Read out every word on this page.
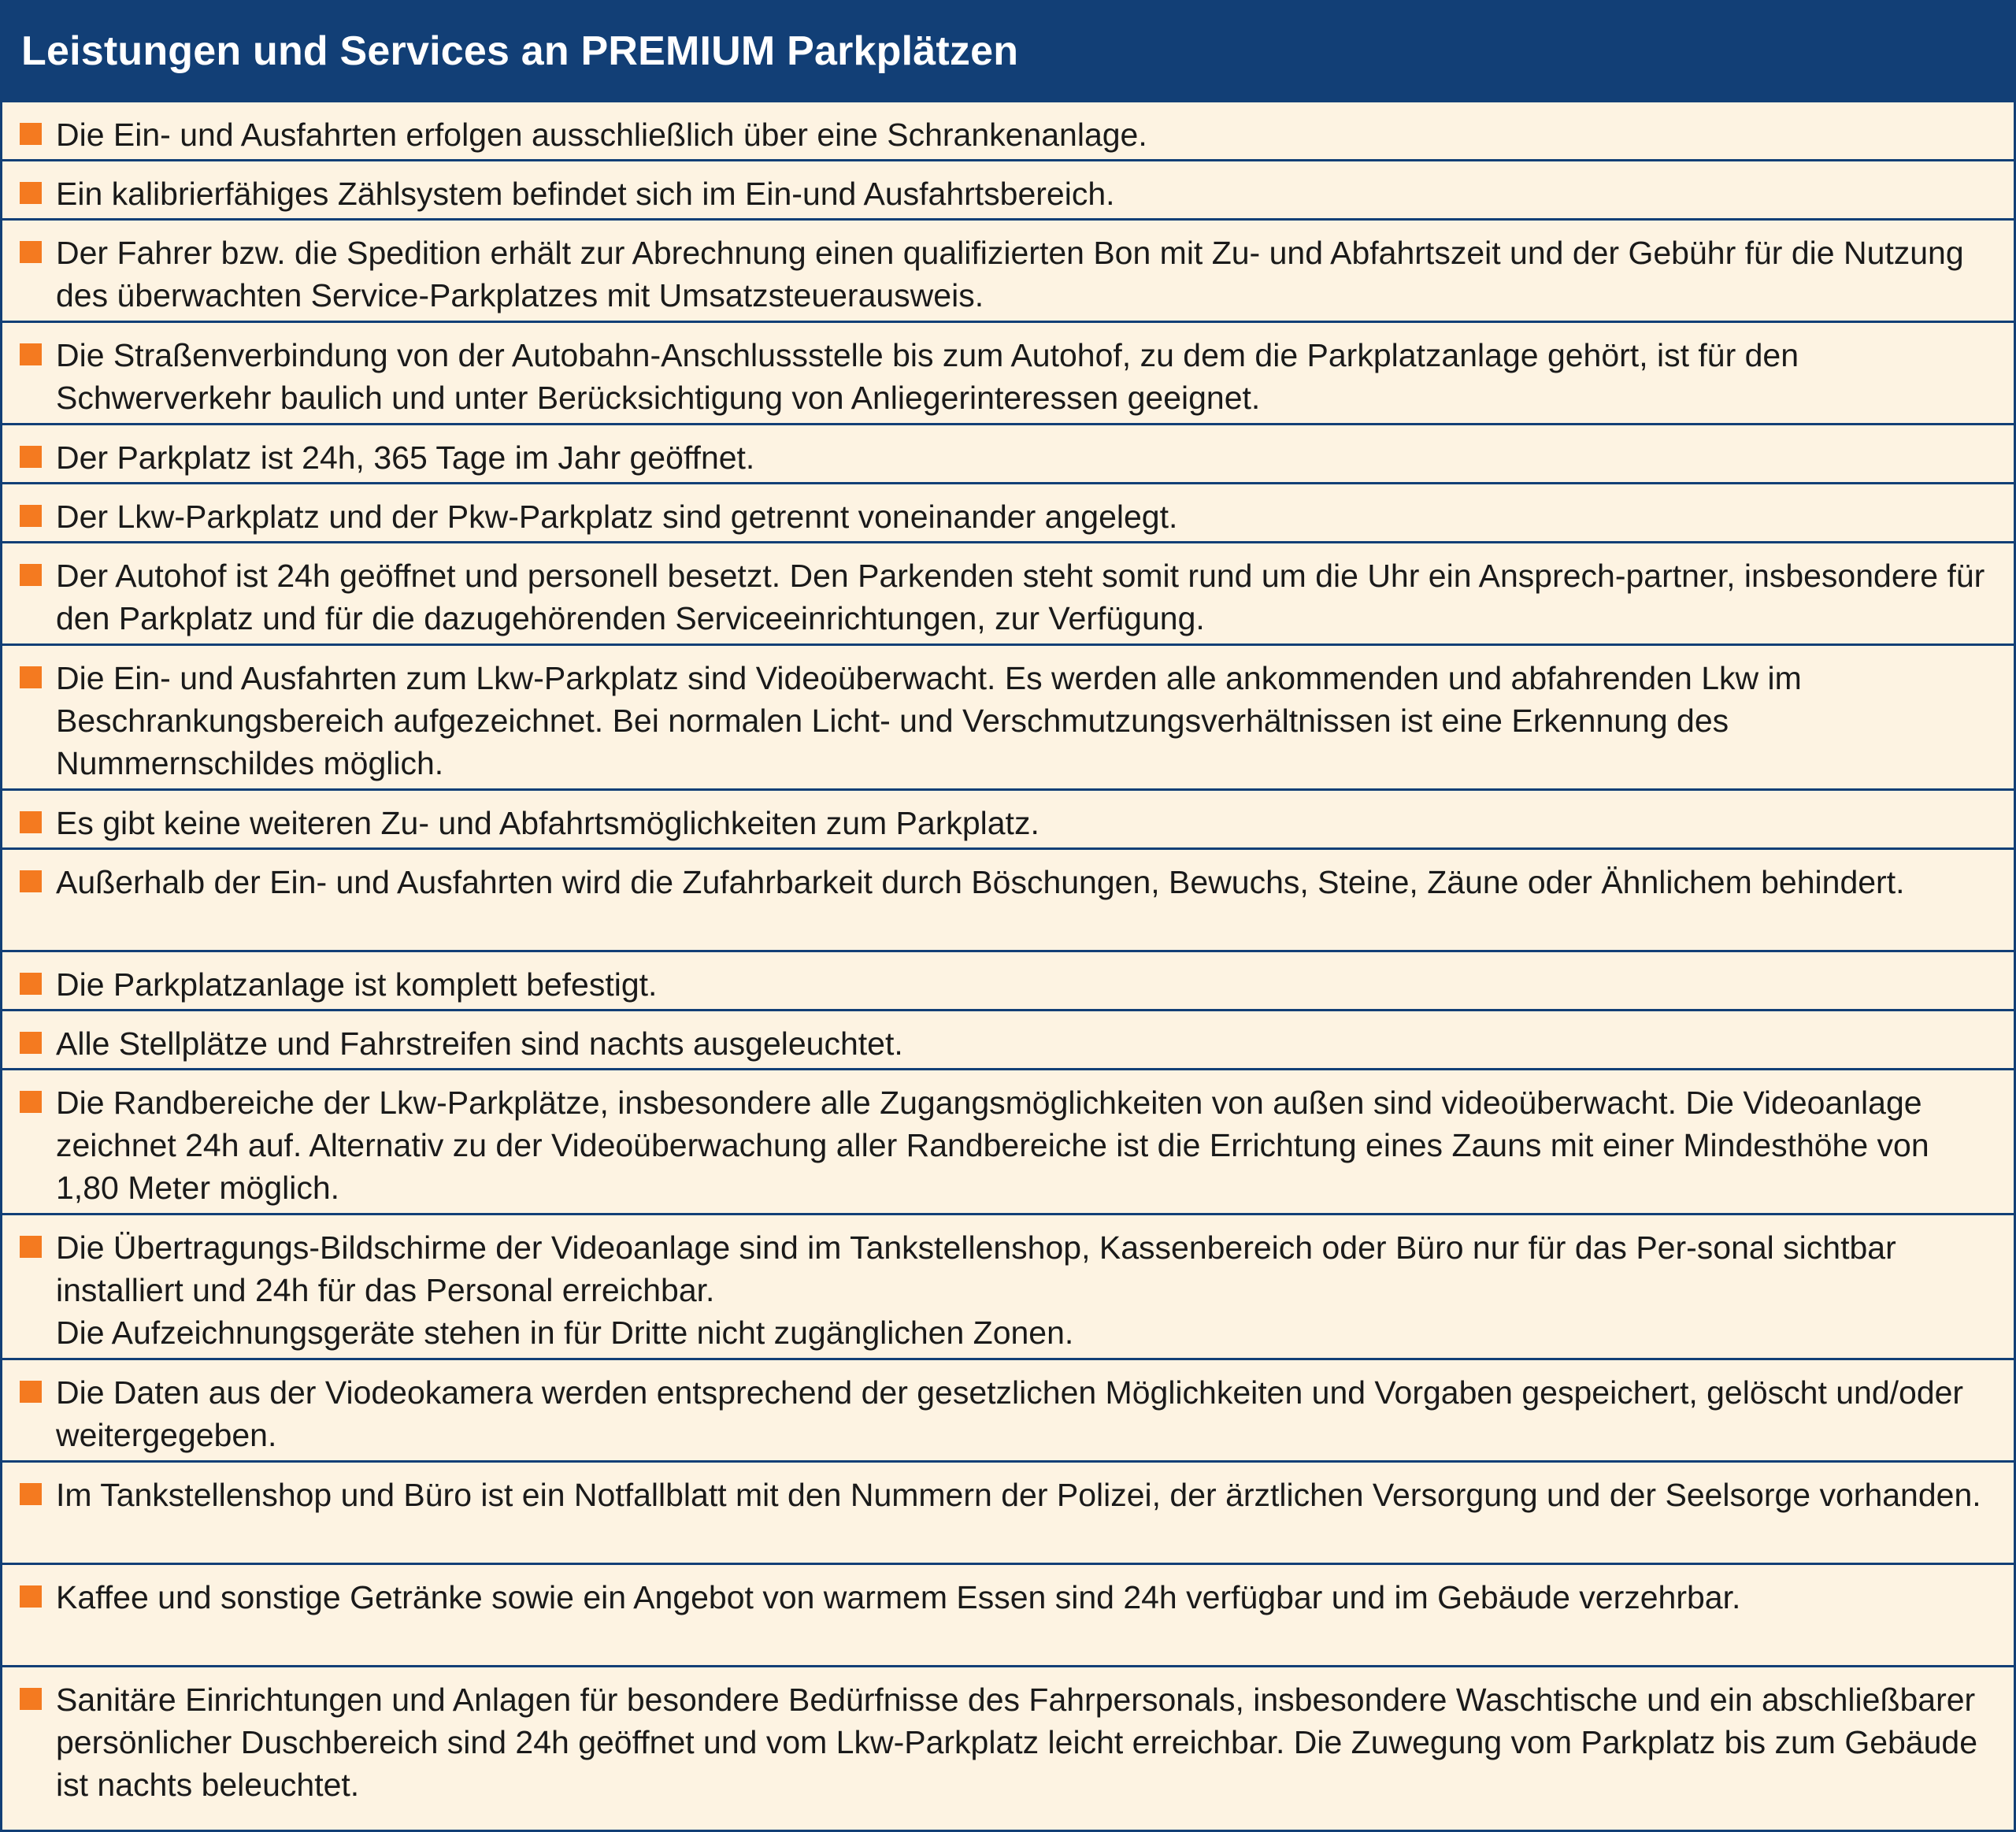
Leistungen und Services an PREMIUM Parkplätzen
Die Ein- und Ausfahrten erfolgen ausschließlich über eine Schrankenanlage.
Ein kalibrierfähiges Zählsystem befindet sich im Ein-und Ausfahrtsbereich.
Der Fahrer bzw. die Spedition erhält zur Abrechnung einen qualifizierten Bon mit Zu- und Abfahrtszeit und der Gebühr für die Nutzung des überwachten Service-Parkplatzes mit Umsatzsteuerausweis.
Die Straßenverbindung von der Autobahn-Anschlussstelle bis zum Autohof, zu dem die Parkplatzanlage gehört, ist für den Schwerverkehr baulich und unter Berücksichtigung von Anliegerinteressen geeignet.
Der Parkplatz ist 24h, 365 Tage im Jahr geöffnet.
Der Lkw-Parkplatz und der Pkw-Parkplatz sind getrennt voneinander angelegt.
Der Autohof ist 24h geöffnet und personell besetzt. Den Parkenden steht somit rund um die Uhr ein Ansprech-partner, insbesondere für den Parkplatz und für die dazugehörenden Serviceeinrichtungen, zur Verfügung.
Die Ein- und Ausfahrten zum Lkw-Parkplatz sind Videoüberwacht. Es werden alle ankommenden und abfahrenden Lkw im Beschrankungsbereich aufgezeichnet. Bei normalen Licht- und Verschmutzungsverhältnissen ist eine Erkennung des Nummernschildes möglich.
Es gibt keine weiteren Zu- und Abfahrtsmöglichkeiten zum Parkplatz.
Außerhalb der Ein- und Ausfahrten wird die Zufahrbarkeit durch Böschungen, Bewuchs, Steine, Zäune oder Ähnlichem behindert.
Die Parkplatzanlage ist komplett befestigt.
Alle Stellplätze und Fahrstreifen sind nachts ausgeleuchtet.
Die Randbereiche der Lkw-Parkplätze, insbesondere alle Zugangsmöglichkeiten von außen sind videoüberwacht. Die Videoanlage zeichnet 24h auf. Alternativ zu der Videoüberwachung aller Randbereiche ist die Errichtung eines Zauns mit einer Mindesthöhe von 1,80 Meter möglich.
Die Übertragungs-Bildschirme der Videoanlage sind im Tankstellenshop, Kassenbereich oder Büro nur für das Per-sonal sichtbar installiert und 24h für das Personal erreichbar.
Die Aufzeichnungsgeräte stehen in für Dritte nicht zugänglichen Zonen.
Die Daten aus der Viodeokamera werden entsprechend der gesetzlichen Möglichkeiten und Vorgaben gespeichert, gelöscht und/oder weitergegeben.
Im Tankstellenshop und Büro ist ein Notfallblatt mit den Nummern der Polizei, der ärztlichen Versorgung und der Seelsorge vorhanden.
Kaffee und sonstige Getränke sowie ein Angebot von warmem Essen sind 24h verfügbar und im Gebäude verzehrbar.
Sanitäre Einrichtungen und Anlagen für besondere Bedürfnisse des Fahrpersonals, insbesondere Waschtische und ein abschließbarer persönlicher Duschbereich sind 24h geöffnet und vom Lkw-Parkplatz leicht erreichbar. Die Zuwegung vom Parkplatz bis zum Gebäude ist nachts beleuchtet.
